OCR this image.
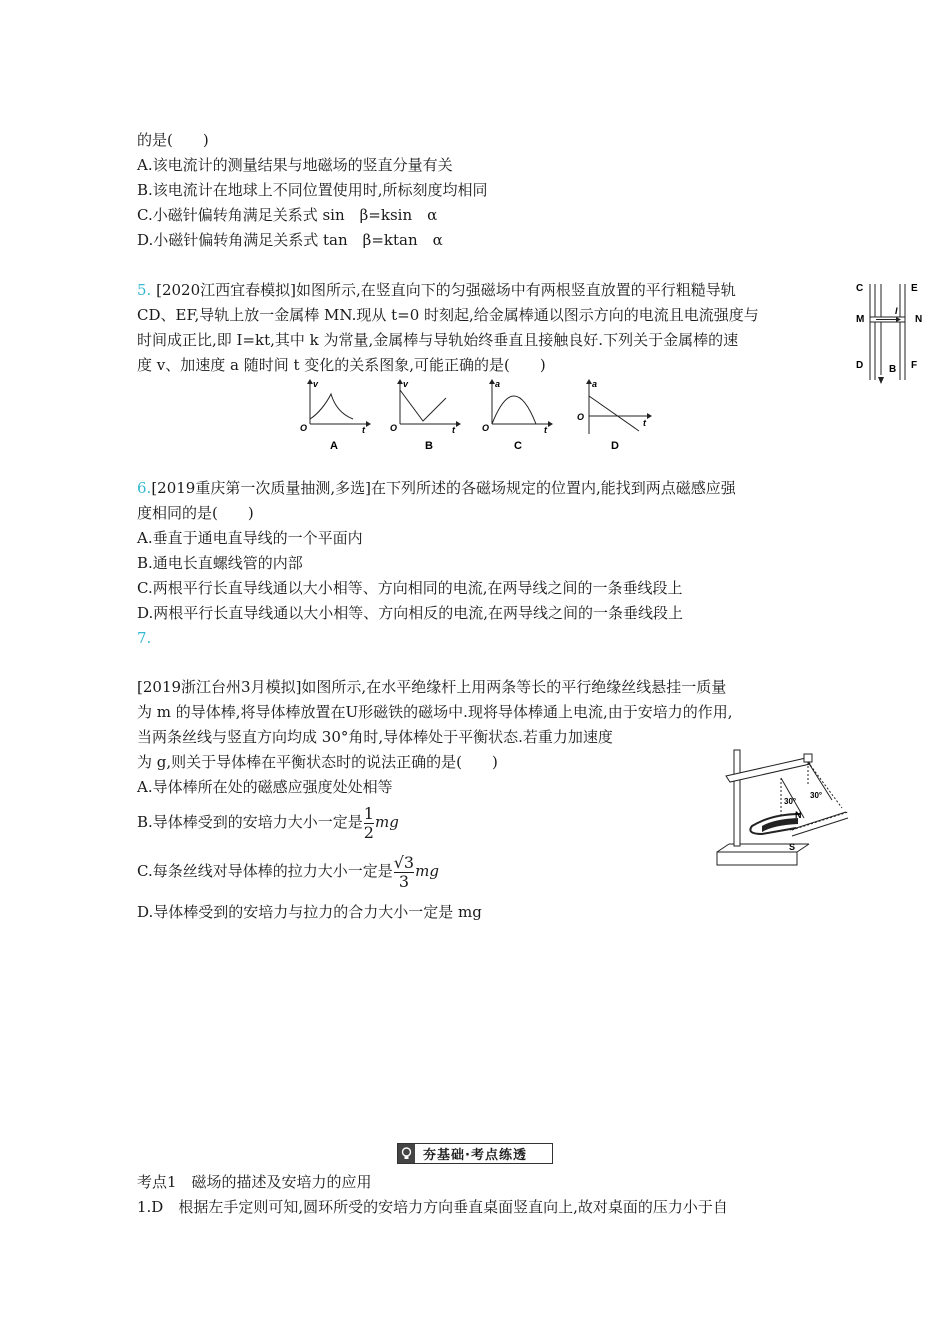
的是(　　)
A.该电流计的测量结果与地磁场的竖直分量有关
B.该电流计在地球上不同位置使用时,所标刻度均相同
C.小磁针偏转角满足关系式 sin　β=ksin　α
D.小磁针偏转角满足关系式 tan　β=ktan　α
5. [2020江西宜春模拟]如图所示,在竖直向下的匀强磁场中有两根竖直放置的平行粗糙导轨
CD、EF,导轨上放一金属棒 MN.现从 t=0 时刻起,给金属棒通以图示方向的电流且电流强度与
时间成正比,即 I=kt,其中 k 为常量,金属棒与导轨始终垂直且接触良好.下列关于金属棒的速
度 v、加速度 a 随时间 t 变化的关系图象,可能正确的是(　　)
C	E
M	N
I
B
D	F
v
O	t
A
v
O	t
B
a
O	t
C
a
O
t
D
6.[2019重庆第一次质量抽测,多选]在下列所述的各磁场规定的位置内,能找到两点磁感应强
度相同的是(　　)
A.垂直于通电直导线的一个平面内
B.通电长直螺线管的内部
C.两根平行长直导线通以大小相等、方向相同的电流,在两导线之间的一条垂线段上
D.两根平行长直导线通以大小相等、方向相反的电流,在两导线之间的一条垂线段上
7.
[2019浙江台州3月模拟]如图所示,在水平绝缘杆上用两条等长的平行绝缘丝线悬挂一质量
为 m 的导体棒,将导体棒放置在U形磁铁的磁场中.现将导体棒通上电流,由于安培力的作用,
当两条丝线与竖直方向均成 30°角时,导体棒处于平衡状态.若重力加速度
为 g,则关于导体棒在平衡状态时的说法正确的是(　　)
A.导体棒所在处的磁感应强度处处相等
B.导体棒受到的安培力大小一定是 $\frac{1}{2}$ mg
C.每条丝线对导体棒的拉力大小一定是 $\frac{√3}{3}$ mg
D.导体棒受到的安培力与拉力的合力大小一定是 mg
30°
30°
N
S
夯基础·考点练透
考点1　磁场的描述及安培力的应用
1.D　根据左手定则可知,圆环所受的安培力方向垂直桌面竖直向上,故对桌面的压力小于自
